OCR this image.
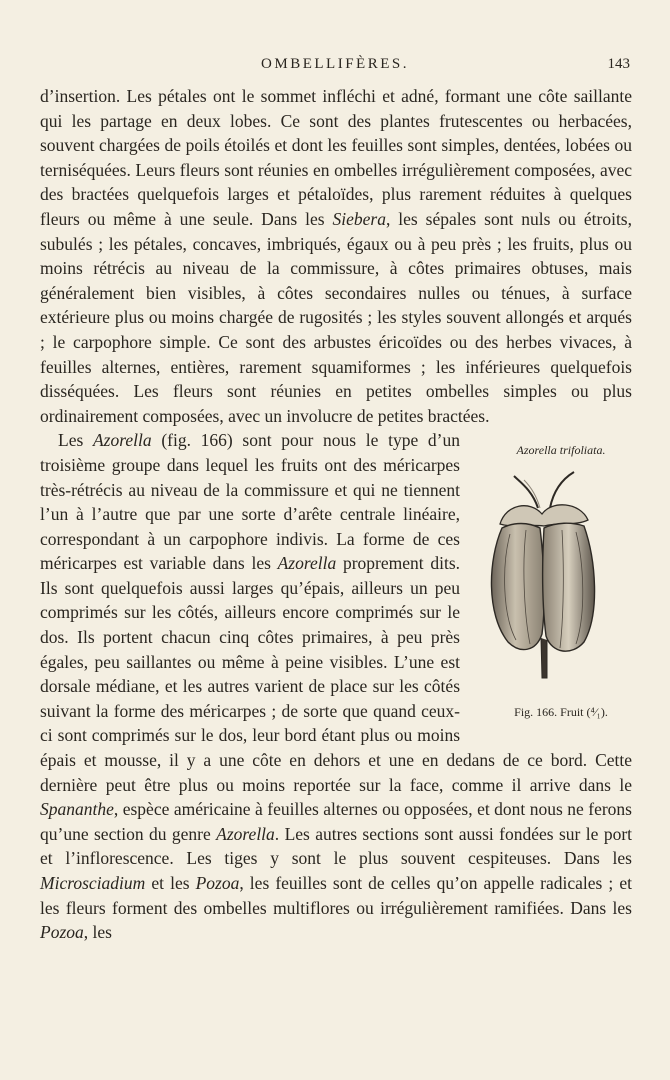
OMBELLIFÈRES.	143

d’insertion. Les pétales ont le sommet infléchi et adné, formant une côte saillante qui les partage en deux lobes. Ce sont des plantes frutescentes ou herbacées, souvent chargées de poils étoilés et dont les feuilles sont simples, dentées, lobées ou terniséquées. Leurs fleurs sont réunies en ombelles irrégulièrement composées, avec des bractées quelquefois larges et pétaloïdes, plus rarement réduites à quelques fleurs ou même à une seule. Dans les Siebera, les sépales sont nuls ou étroits, subulés ; les pétales, concaves, imbriqués, égaux ou à peu près ; les fruits, plus ou moins rétrécis au niveau de la commissure, à côtes primaires obtuses, mais généralement bien visibles, à côtes secondaires nulles ou ténues, à surface extérieure plus ou moins chargée de rugosités ; les styles souvent allongés et arqués ; le carpophore simple. Ce sont des arbustes éricoïdes ou des herbes vivaces, à feuilles alternes, entières, rarement squamiformes ; les inférieures quelquefois disséquées. Les fleurs sont réunies en petites ombelles simples ou plus ordinairement composées, avec un involucre de petites bractées.

Azorella trifoliata.
Fig. 166. Fruit (⁴⁄₁).
Les Azorella (fig. 166) sont pour nous le type d’un troisième groupe dans lequel les fruits ont des méricarpes très-rétrécis au niveau de la commissure et qui ne tiennent l’un à l’autre que par une sorte d’arête centrale linéaire, correspondant à un carpophore indivis. La forme de ces méricarpes est variable dans les Azorella proprement dits. Ils sont quelquefois aussi larges qu’épais, ailleurs un peu comprimés sur les côtés, ailleurs encore comprimés sur le dos. Ils portent chacun cinq côtes primaires, à peu près égales, peu saillantes ou même à peine visibles. L’une est dorsale médiane, et les autres varient de place sur les côtés suivant la forme des méricarpes ; de sorte que quand ceux-ci sont comprimés sur le dos, leur bord étant plus ou moins épais et mousse, il y a une côte en dehors et une en dedans de ce bord. Cette dernière peut être plus ou moins reportée sur la face, comme il arrive dans le Spananthe, espèce américaine à feuilles alternes ou opposées, et dont nous ne ferons qu’une section du genre Azorella. Les autres sections sont aussi fondées sur le port et l’inflorescence. Les tiges y sont le plus souvent cespiteuses. Dans les Microsciadium et les Pozoa, les feuilles sont de celles qu’on appelle radicales ; et les fleurs forment des ombelles multiflores ou irrégulièrement ramifiées. Dans les Pozoa, les
